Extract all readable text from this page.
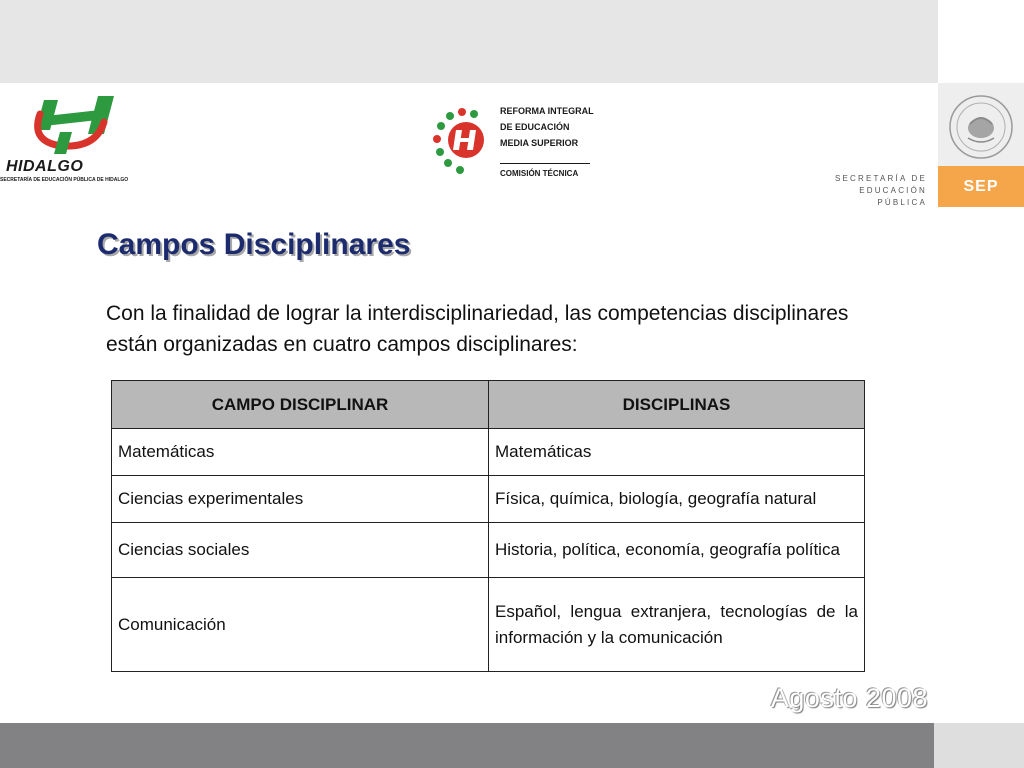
SECRETARÍA DE
EDUCACIÓN PÚBLICA
SEP
HIDALGO
SECRETARÍA DE EDUCACIÓN PÚBLICA DE HIDALGO
REFORMA INTEGRAL
DE EDUCACIÓN
MEDIA SUPERIOR
COMISIÓN TÉCNICA
Campos Disciplinares

Con la finalidad de lograr la interdisciplinariedad, las competencias disciplinares están organizadas en cuatro campos disciplinares:

CAMPO DISCIPLINAR	DISCIPLINAS
Matemáticas	Matemáticas
Ciencias experimentales	Física, química, biología, geografía natural
Ciencias sociales	Historia, política, economía, geografía política
Comunicación	Español, lengua extranjera, tecnologías de la información y la comunicación
Agosto 2008
